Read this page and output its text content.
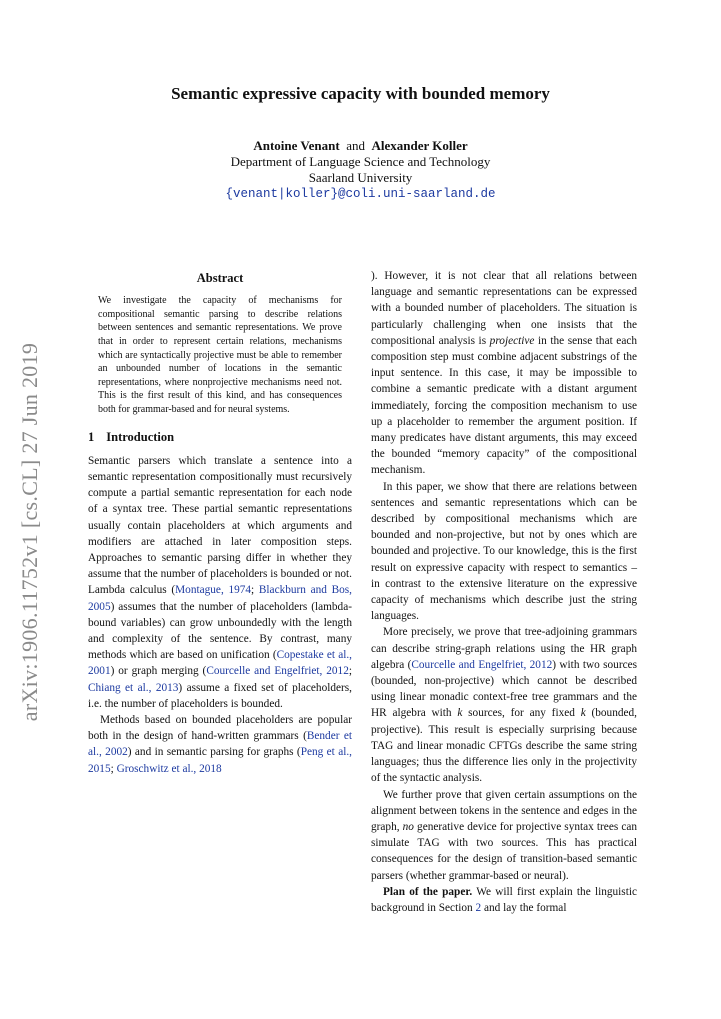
arXiv:1906.11752v1 [cs.CL] 27 Jun 2019
Semantic expressive capacity with bounded memory
Antoine Venant and Alexander Koller
Department of Language Science and Technology
Saarland University
{venant|koller}@coli.uni-saarland.de
Abstract

We investigate the capacity of mechanisms for compositional semantic parsing to describe relations between sentences and semantic representations. We prove that in order to represent certain relations, mechanisms which are syntactically projective must be able to remember an unbounded number of locations in the semantic representations, where nonprojective mechanisms need not. This is the first result of this kind, and has consequences both for grammar-based and for neural systems.

1 Introduction

Semantic parsers which translate a sentence into a semantic representation compositionally must recursively compute a partial semantic representation for each node of a syntax tree. These partial semantic representations usually contain placeholders at which arguments and modifiers are attached in later composition steps. Approaches to semantic parsing differ in whether they assume that the number of placeholders is bounded or not. Lambda calculus (Montague, 1974; Blackburn and Bos, 2005) assumes that the number of placeholders (lambda-bound variables) can grow unboundedly with the length and complexity of the sentence. By contrast, many methods which are based on unification (Copestake et al., 2001) or graph merging (Courcelle and Engelfriet, 2012; Chiang et al., 2013) assume a fixed set of placeholders, i.e. the number of placeholders is bounded.

Methods based on bounded placeholders are popular both in the design of hand-written grammars (Bender et al., 2002) and in semantic parsing for graphs (Peng et al., 2015; Groschwitz et al., 2018

). However, it is not clear that all relations between language and semantic representations can be expressed with a bounded number of placeholders. The situation is particularly challenging when one insists that the compositional analysis is projective in the sense that each composition step must combine adjacent substrings of the input sentence. In this case, it may be impossible to combine a semantic predicate with a distant argument immediately, forcing the composition mechanism to use up a placeholder to remember the argument position. If many predicates have distant arguments, this may exceed the bounded “memory capacity” of the compositional mechanism.

In this paper, we show that there are relations between sentences and semantic representations which can be described by compositional mechanisms which are bounded and non-projective, but not by ones which are bounded and projective. To our knowledge, this is the first result on expressive capacity with respect to semantics – in contrast to the extensive literature on the expressive capacity of mechanisms which describe just the string languages.

More precisely, we prove that tree-adjoining grammars can describe string-graph relations using the HR graph algebra (Courcelle and Engelfriet, 2012) with two sources (bounded, non-projective) which cannot be described using linear monadic context-free tree grammars and the HR algebra with k sources, for any fixed k (bounded, projective). This result is especially surprising because TAG and linear monadic CFTGs describe the same string languages; thus the difference lies only in the projectivity of the syntactic analysis.

We further prove that given certain assumptions on the alignment between tokens in the sentence and edges in the graph, no generative device for projective syntax trees can simulate TAG with two sources. This has practical consequences for the design of transition-based semantic parsers (whether grammar-based or neural).

Plan of the paper. We will first explain the linguistic background in Section 2 and lay the formal
